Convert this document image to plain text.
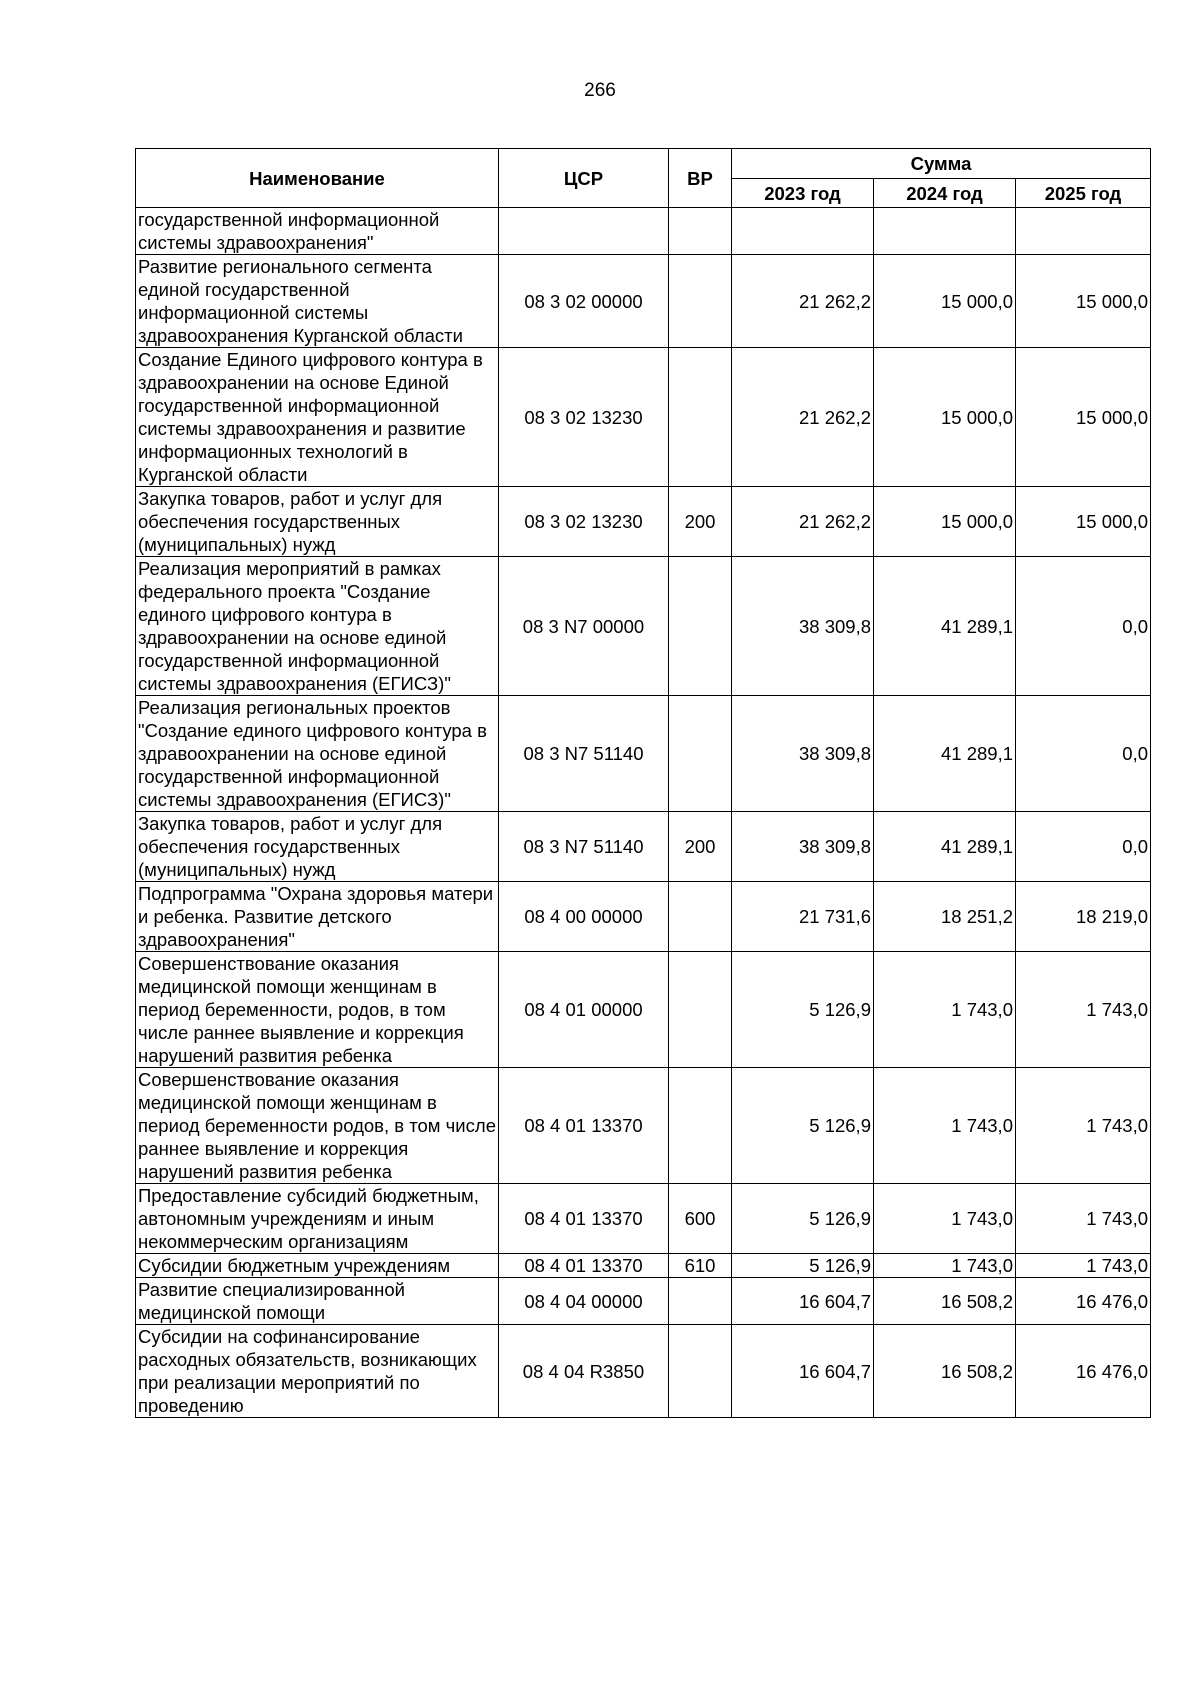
266
Наименование	ЦСР	ВР	Сумма		
			2023 год	2024 год	2025 год
государственной информационной системы здравоохранения"					
Развитие регионального сегмента единой государственной информационной системы здравоохранения Курганской области	08 3 02 00000		21 262,2	15 000,0	15 000,0
Создание Единого цифрового контура в здравоохранении на основе Единой государственной информационной системы здравоохранения и развитие информационных технологий в Курганской области	08 3 02 13230		21 262,2	15 000,0	15 000,0
Закупка товаров, работ и услуг для обеспечения государственных (муниципальных) нужд	08 3 02 13230	200	21 262,2	15 000,0	15 000,0
Реализация мероприятий в рамках федерального проекта "Создание единого цифрового контура в здравоохранении на основе единой государственной информационной системы здравоохранения (ЕГИСЗ)"	08 3 N7 00000		38 309,8	41 289,1	0,0
Реализация региональных проектов "Создание единого цифрового контура в здравоохранении на основе единой государственной информационной системы здравоохранения (ЕГИСЗ)"	08 3 N7 51140		38 309,8	41 289,1	0,0
Закупка товаров, работ и услуг для обеспечения государственных (муниципальных) нужд	08 3 N7 51140	200	38 309,8	41 289,1	0,0
Подпрограмма "Охрана здоровья матери и ребенка. Развитие детского здравоохранения"	08 4 00 00000		21 731,6	18 251,2	18 219,0
Совершенствование оказания медицинской помощи женщинам в период беременности, родов, в том числе раннее выявление и коррекция нарушений развития ребенка	08 4 01 00000		5 126,9	1 743,0	1 743,0
Совершенствование оказания медицинской помощи женщинам в период беременности родов, в том числе раннее выявление и коррекция нарушений развития ребенка	08 4 01 13370		5 126,9	1 743,0	1 743,0
Предоставление субсидий бюджетным, автономным учреждениям и иным некоммерческим организациям	08 4 01 13370	600	5 126,9	1 743,0	1 743,0
Субсидии бюджетным учреждениям	08 4 01 13370	610	5 126,9	1 743,0	1 743,0
Развитие специализированной медицинской помощи	08 4 04 00000		16 604,7	16 508,2	16 476,0
Субсидии на софинансирование расходных обязательств, возникающих при реализации мероприятий по проведению	08 4 04 R3850		16 604,7	16 508,2	16 476,0
